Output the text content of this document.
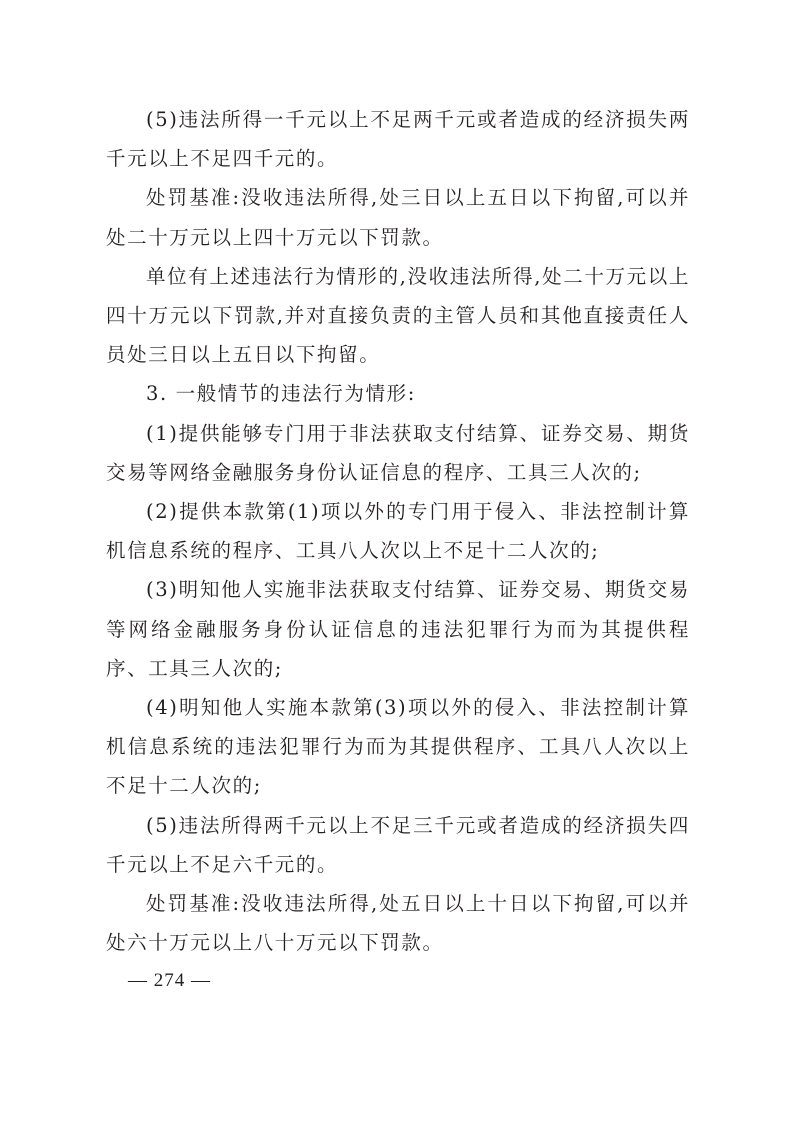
(5)违法所得一千元以上不足两千元或者造成的经济损失两千元以上不足四千元的。

处罚基准:没收违法所得,处三日以上五日以下拘留,可以并处二十万元以上四十万元以下罚款。

单位有上述违法行为情形的,没收违法所得,处二十万元以上四十万元以下罚款,并对直接负责的主管人员和其他直接责任人员处三日以上五日以下拘留。

3. 一般情节的违法行为情形:

(1)提供能够专门用于非法获取支付结算、证券交易、期货交易等网络金融服务身份认证信息的程序、工具三人次的;

(2)提供本款第(1)项以外的专门用于侵入、非法控制计算机信息系统的程序、工具八人次以上不足十二人次的;

(3)明知他人实施非法获取支付结算、证券交易、期货交易等网络金融服务身份认证信息的违法犯罪行为而为其提供程序、工具三人次的;

(4)明知他人实施本款第(3)项以外的侵入、非法控制计算机信息系统的违法犯罪行为而为其提供程序、工具八人次以上不足十二人次的;

(5)违法所得两千元以上不足三千元或者造成的经济损失四千元以上不足六千元的。

处罚基准:没收违法所得,处五日以上十日以下拘留,可以并处六十万元以上八十万元以下罚款。

— 274 —
